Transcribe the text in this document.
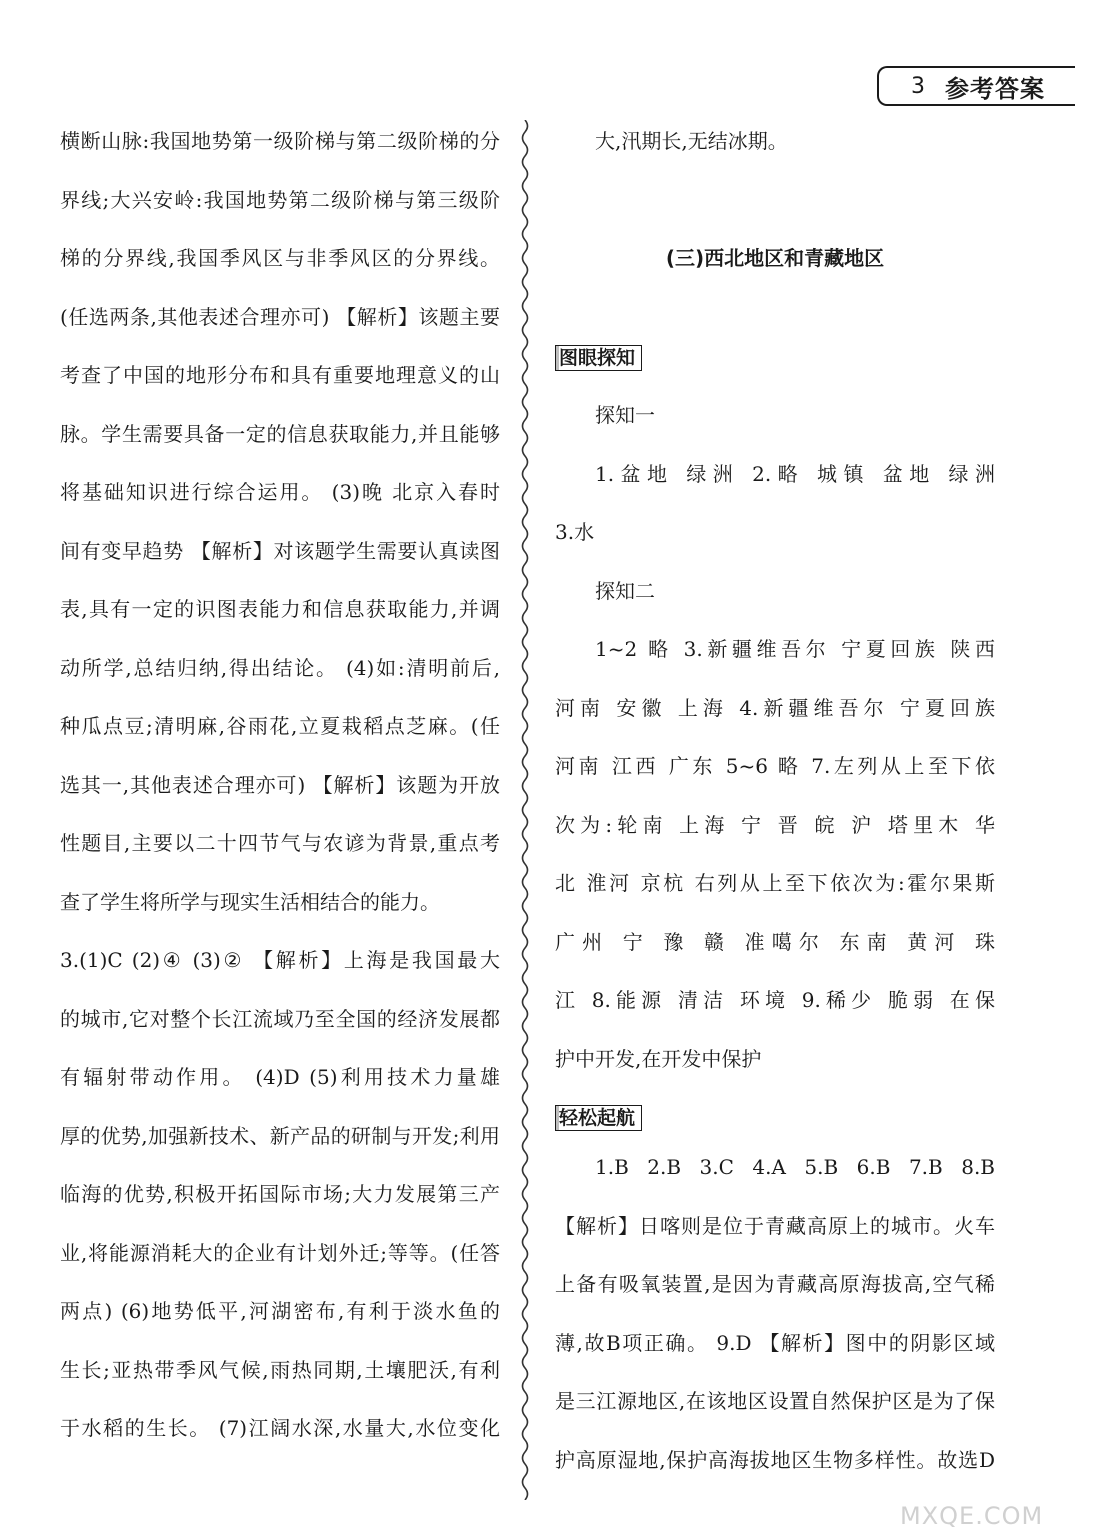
3 参考答案
横断山脉:我国地势第一级阶梯与第二级阶梯的分
界线;大兴安岭:我国地势第二级阶梯与第三级阶
梯的分界线,我国季风区与非季风区的分界线。
(任选两条,其他表述合理亦可) 【解析】该题主要
考查了中国的地形分布和具有重要地理意义的山
脉。学生需要具备一定的信息获取能力,并且能够
将基础知识进行综合运用。 (3)晚 北京入春时
间有变早趋势 【解析】对该题学生需要认真读图
表,具有一定的识图表能力和信息获取能力,并调
动所学,总结归纳,得出结论。 (4)如:清明前后,
种瓜点豆;清明麻,谷雨花,立夏栽稻点芝麻。(任
选其一,其他表述合理亦可) 【解析】该题为开放
性题目,主要以二十四节气与农谚为背景,重点考
查了学生将所学与现实生活相结合的能力。
3.(1)C (2)④ (3)② 【解析】上海是我国最大
的城市,它对整个长江流域乃至全国的经济发展都
有辐射带动作用。 (4)D (5)利用技术力量雄
厚的优势,加强新技术、新产品的研制与开发;利用
临海的优势,积极开拓国际市场;大力发展第三产
业,将能源消耗大的企业有计划外迁;等等。(任答
两点) (6)地势低平,河湖密布,有利于淡水鱼的
生长;亚热带季风气候,雨热同期,土壤肥沃,有利
于水稻的生长。 (7)江阔水深,水量大,水位变化
大,汛期长,无结冰期。
(三)西北地区和青藏地区
图眼探知
探知一
1.盆地 绿洲 2.略 城镇 盆地 绿洲
3.水
探知二
1~2 略 3.新疆维吾尔 宁夏回族 陕西
河南 安徽 上海 4.新疆维吾尔 宁夏回族
河南 江西 广东 5~6 略 7.左列从上至下依
次为:轮南 上海 宁 晋 皖 沪 塔里木 华
北 淮河 京杭 右列从上至下依次为:霍尔果斯
广州 宁 豫 赣 准噶尔 东南 黄河 珠
江 8.能源 清洁 环境 9.稀少 脆弱 在保
护中开发,在开发中保护
轻松起航
1.B 2.B 3.C 4.A 5.B 6.B 7.B 8.B
【解析】日喀则是位于青藏高原上的城市。火车
上备有吸氧装置,是因为青藏高原海拔高,空气稀
薄,故B项正确。 9.D 【解析】图中的阴影区域
是三江源地区,在该地区设置自然保护区是为了保
护高原湿地,保护高海拔地区生物多样性。故选D
MXQE.COM
